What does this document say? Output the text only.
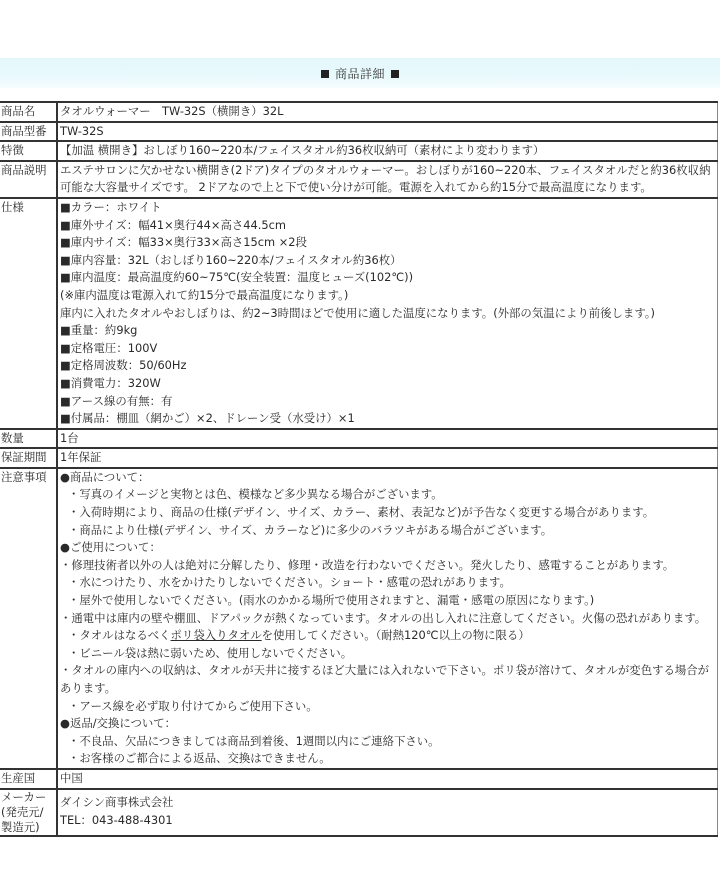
商品詳細
商品名	タオルウォーマー　TW-32S（横開き）32L
商品型番	TW-32S
特徴	【加温 横開き】おしぼり160~220本/フェイスタオル約36枚収納可（素材により変わります）
商品説明	エステサロンに欠かせない横開き(2ドア)タイプのタオルウォーマー。おしぼりが160~220本、フェイスタオルだと約36枚収納可能な大容量サイズです。 2ドアなので上と下で使い分けが可能。電源を入れてから約15分で最高温度になります。
仕様	■カラー：ホワイト
■庫外サイズ：幅41×奥行44×高さ44.5cm
■庫内サイズ：幅33×奥行33×高さ15cm ×2段
■庫内容量：32L（おしぼり160~220本/フェイスタオル約36枚）
■庫内温度：最高温度約60~75℃(安全装置：温度ヒューズ(102℃))
(※庫内温度は電源入れて約15分で最高温度になります。)
庫内に入れたタオルやおしぼりは、約2~3時間ほどで使用に適した温度になります。(外部の気温により前後します。)
■重量：約9kg
■定格電圧：100V
■定格周波数：50/60Hz
■消費電力：320W
■アース線の有無：有
■付属品：棚皿（網かご）×2、ドレーン受（水受け）×1

数量	1台
保証期間	1年保証
注意事項	●商品について：
・写真のイメージと実物とは色、模様など多少異なる場合がございます。
・入荷時期により、商品の仕様(デザイン、サイズ、カラー、素材、表記など)が予告なく変更する場合があります。
・商品により仕様(デザイン、サイズ、カラーなど)に多少のバラツキがある場合がございます。
●ご使用について：
・修理技術者以外の人は絶対に分解したり、修理・改造を行わないでください。発火したり、感電することがあります。
・水につけたり、水をかけたりしないでください。ショート・感電の恐れがあります。
・屋外で使用しないでください。(雨水のかかる場所で使用されますと、漏電・感電の原因になります。)
・通電中は庫内の壁や棚皿、ドアパックが熱くなっています。タオルの出し入れに注意してください。火傷の恐れがあります。
・タオルはなるべくポリ袋入りタオルを使用してください。（耐熱120℃以上の物に限る）
・ビニール袋は熱に弱いため、使用しないでください。
・タオルの庫内への収納は、タオルが天井に接するほど大量には入れないで下さい。ポリ袋が溶けて、タオルが変色する場合があります。
・アース線を必ず取り付けてからご使用下さい。
●返品/交換について：
・不良品、欠品につきましては商品到着後、1週間以内にご連絡下さい。
・お客様のご都合による返品、交換はできません。

生産国	中国

メーカー
(発売元/
製造元)	ダイシン商事株式会社
TEL：043-488-4301
